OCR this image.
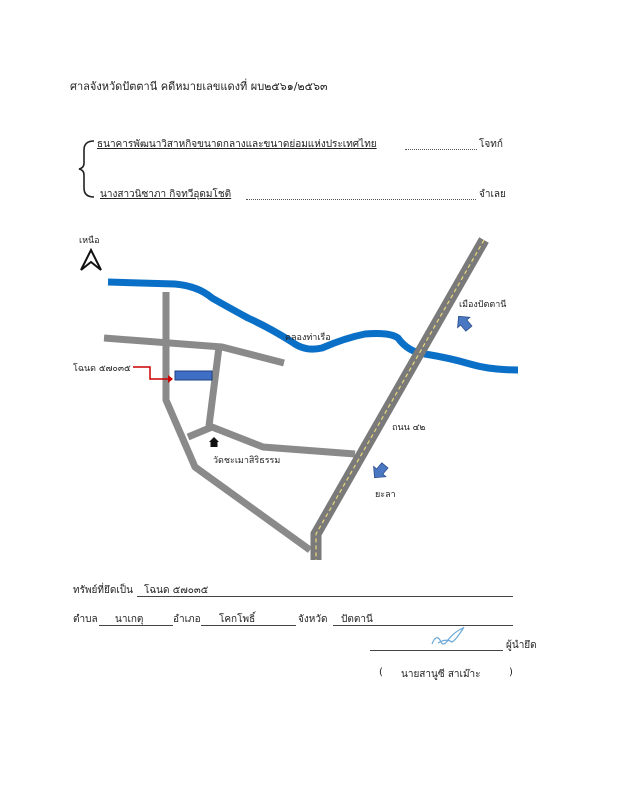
ศาลจังหวัดปัตตานี คดีหมายเลขแดงที่ ผบ๒๕๖๑/๒๕๖๓
ธนาคารพัฒนาวิสาหกิจขนาดกลางและขนาดย่อมแห่งประเทศไทย	โจทก์
นางสาวนิซาภา กิจทวีอุดมโชติ	จำเลย
เหนือ
โฉนด ๕๗๐๓๕
คลองท่าเรือ
วัดชะเมาสิริธรรม
ถนน ๔๒
เมืองปัตตานี
ยะลา
ทรัพย์ที่ยึดเป็น โฉนด ๕๗๐๓๕
ตำบล นาเกตุ	อำเภอ โคกโพธิ์	จังหวัด ปัตตานี
ผู้นำยึด
( นายสานูซี สาเม๊าะ	)
